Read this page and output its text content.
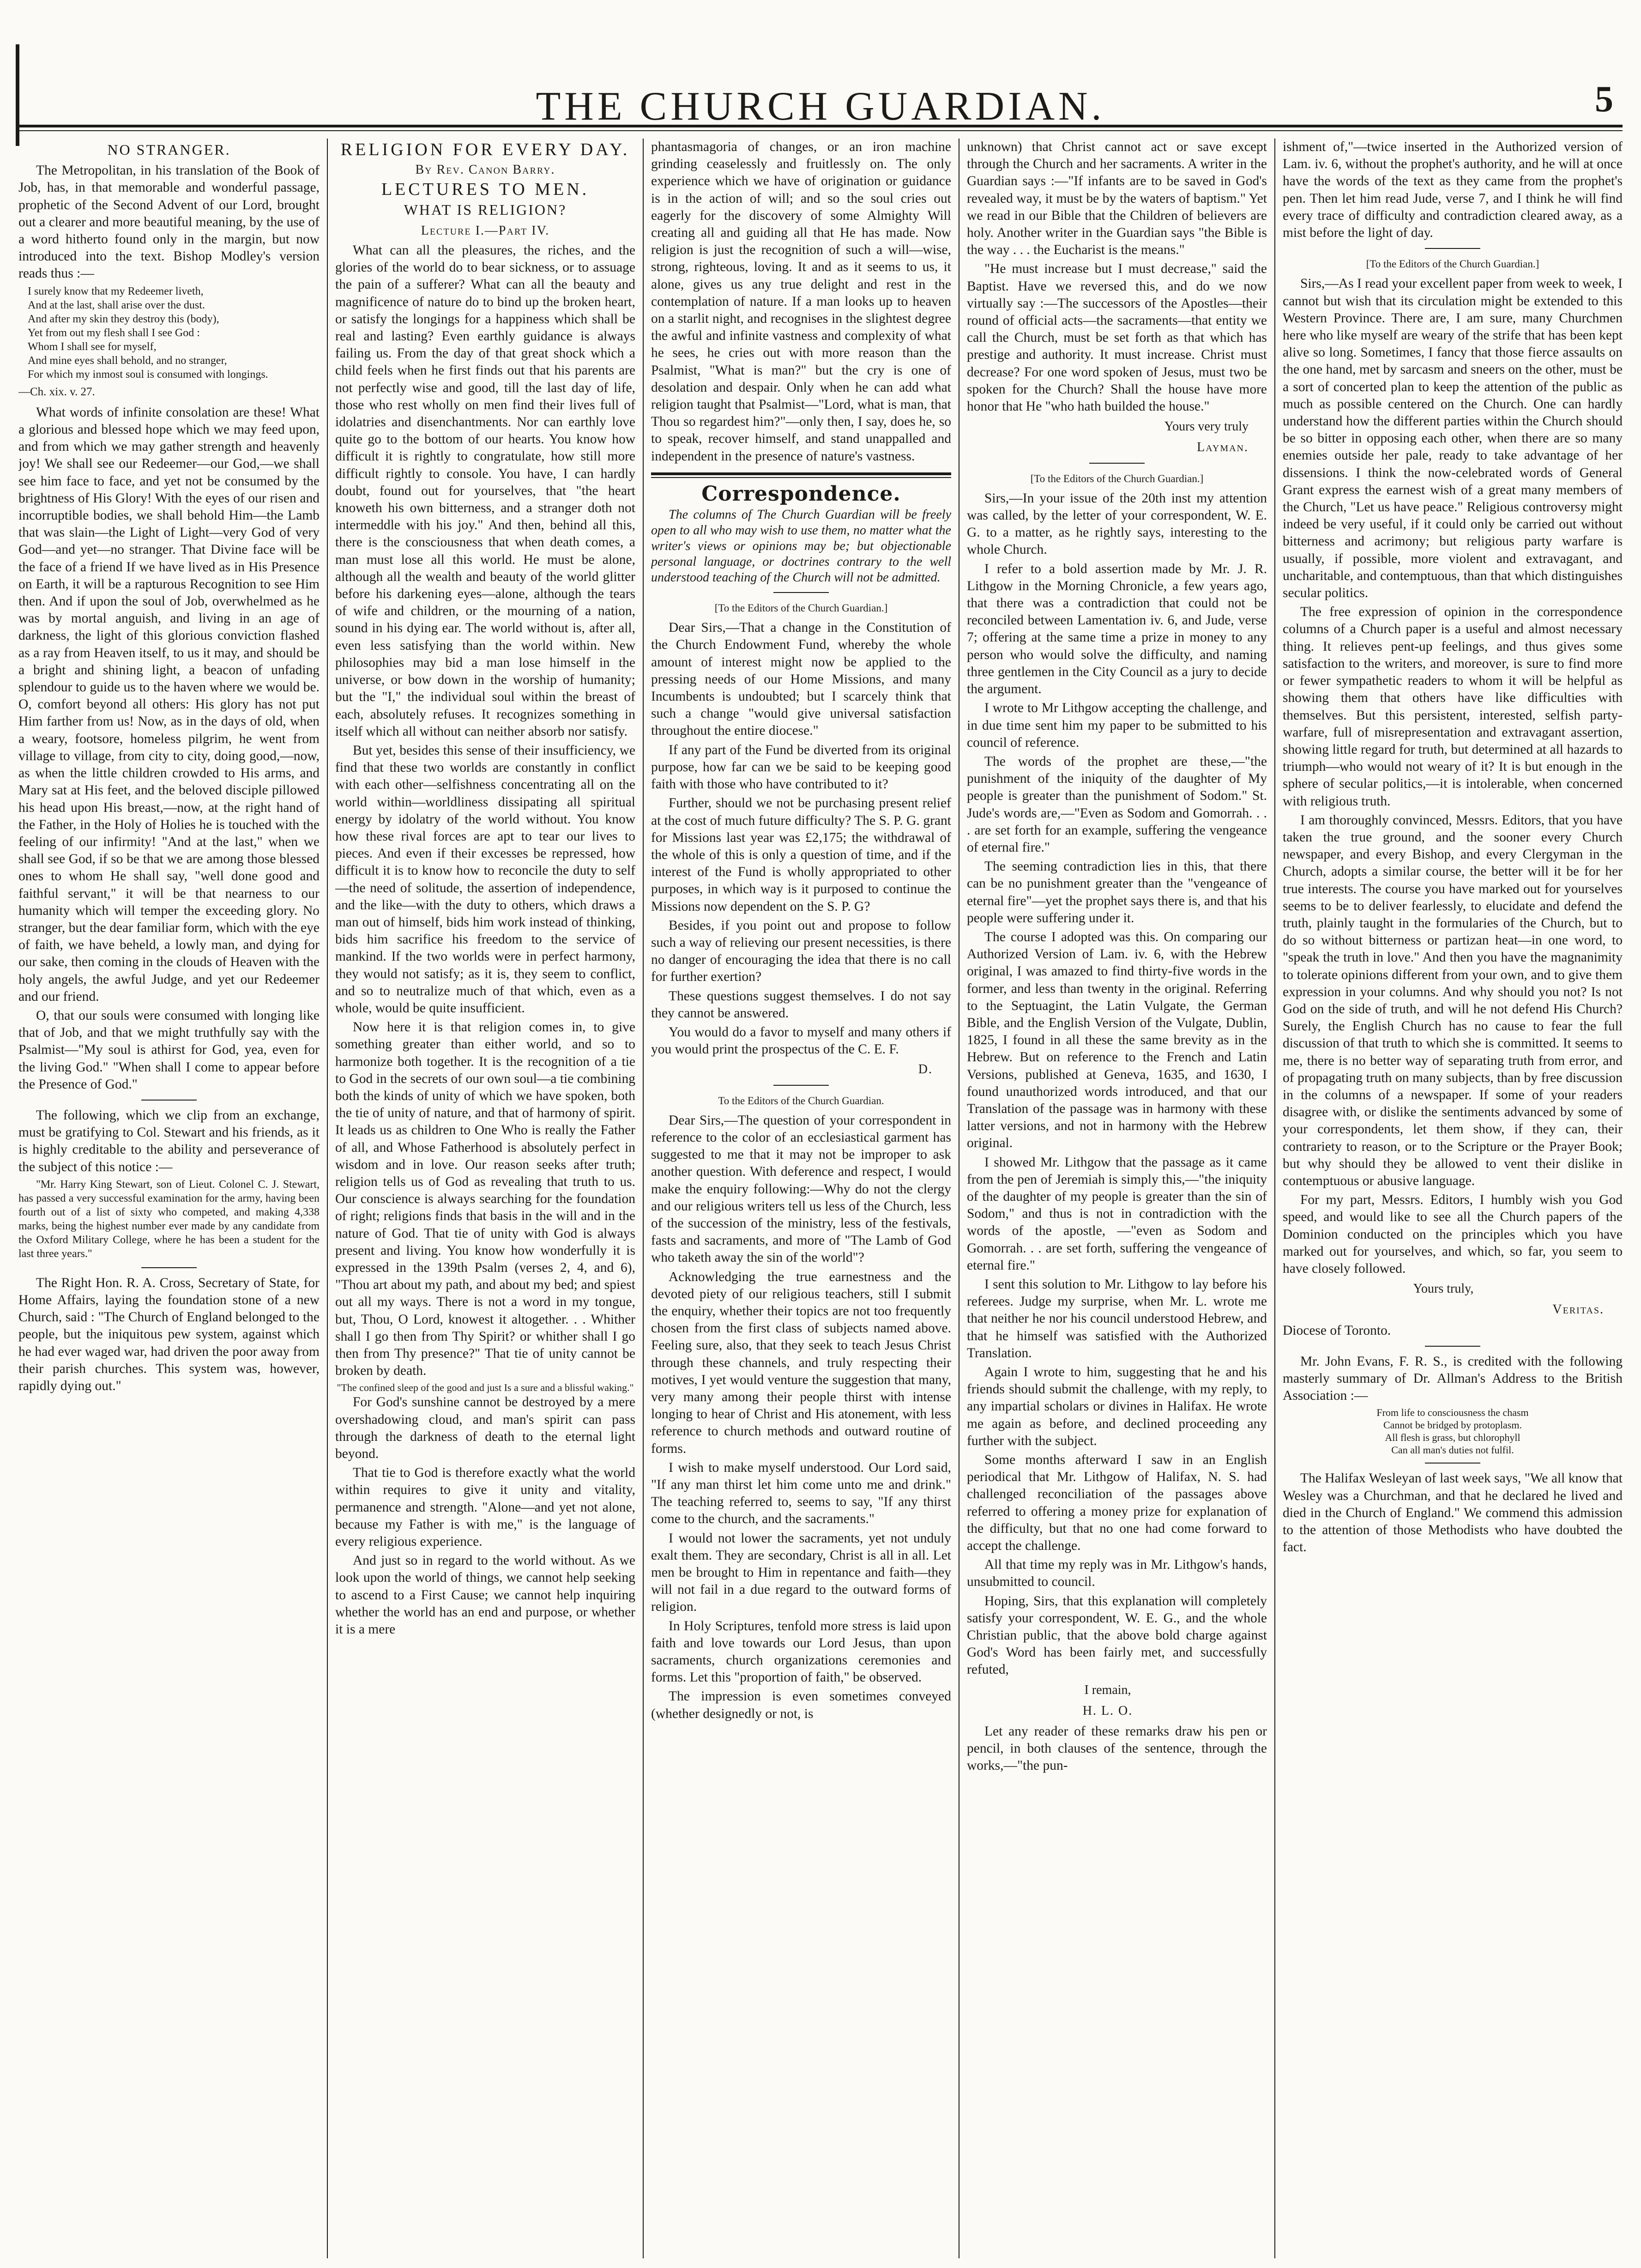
THE CHURCH GUARDIAN.	5
NO STRANGER.

The Metropolitan, in his translation of the Book of Job, has, in that memorable and wonderful passage, prophetic of the Second Advent of our Lord, brought out a clearer and more beautiful meaning, by the use of a word hitherto found only in the margin, but now introduced into the text. Bishop Modley's version reads thus :—

I surely know that my Redeemer liveth,
And at the last, shall arise over the dust.
And after my skin they destroy this (body),
Yet from out my flesh shall I see God :
Whom I shall see for myself,
And mine eyes shall behold, and no stranger,
For which my inmost soul is consumed with longings.
—Ch. xix. v. 27.

What words of infinite consolation are these! What a glorious and blessed hope which we may feed upon, and from which we may gather strength and heavenly joy! We shall see our Redeemer—our God,—we shall see him face to face, and yet not be consumed by the brightness of His Glory! With the eyes of our risen and incorruptible bodies, we shall behold Him—the Lamb that was slain—the Light of Light—very God of very God—and yet—no stranger. That Divine face will be the face of a friend If we have lived as in His Presence on Earth, it will be a rapturous Recognition to see Him then. And if upon the soul of Job, overwhelmed as he was by mortal anguish, and living in an age of darkness, the light of this glorious conviction flashed as a ray from Heaven itself, to us it may, and should be a bright and shining light, a beacon of unfading splendour to guide us to the haven where we would be. O, comfort beyond all others: His glory has not put Him farther from us! Now, as in the days of old, when a weary, footsore, homeless pilgrim, he went from village to village, from city to city, doing good,—now, as when the little children crowded to His arms, and Mary sat at His feet, and the beloved disciple pillowed his head upon His breast,—now, at the right hand of the Father, in the Holy of Holies he is touched with the feeling of our infirmity! "And at the last," when we shall see God, if so be that we are among those blessed ones to whom He shall say, "well done good and faithful servant," it will be that nearness to our humanity which will temper the exceeding glory. No stranger, but the dear familiar form, which with the eye of faith, we have beheld, a lowly man, and dying for our sake, then coming in the clouds of Heaven with the holy angels, the awful Judge, and yet our Redeemer and our friend.

O, that our souls were consumed with longing like that of Job, and that we might truthfully say with the Psalmist—"My soul is athirst for God, yea, even for the living God." "When shall I come to appear before the Presence of God."

The following, which we clip from an exchange, must be gratifying to Col. Stewart and his friends, as it is highly creditable to the ability and perseverance of the subject of this notice :—

"Mr. Harry King Stewart, son of Lieut. Colonel C. J. Stewart, has passed a very successful examination for the army, having been fourth out of a list of sixty who competed, and making 4,338 marks, being the highest number ever made by any candidate from the Oxford Military College, where he has been a student for the last three years."

The Right Hon. R. A. Cross, Secretary of State, for Home Affairs, laying the foundation stone of a new Church, said : "The Church of England belonged to the people, but the iniquitous pew system, against which he had ever waged war, had driven the poor away from their parish churches. This system was, however, rapidly dying out."

RELIGION FOR EVERY DAY.
By Rev. Canon Barry.
LECTURES TO MEN.
WHAT IS RELIGION?
Lecture I.—Part IV.

What can all the pleasures, the riches, and the glories of the world do to bear sickness, or to assuage the pain of a sufferer? What can all the beauty and magnificence of nature do to bind up the broken heart, or satisfy the longings for a happiness which shall be real and lasting? Even earthly guidance is always failing us. From the day of that great shock which a child feels when he first finds out that his parents are not perfectly wise and good, till the last day of life, those who rest wholly on men find their lives full of idolatries and disenchantments. Nor can earthly love quite go to the bottom of our hearts. You know how difficult it is rightly to congratulate, how still more difficult rightly to console. You have, I can hardly doubt, found out for yourselves, that "the heart knoweth his own bitterness, and a stranger doth not intermeddle with his joy." And then, behind all this, there is the consciousness that when death comes, a man must lose all this world. He must be alone, although all the wealth and beauty of the world glitter before his darkening eyes—alone, although the tears of wife and children, or the mourning of a nation, sound in his dying ear. The world without is, after all, even less satisfying than the world within. New philosophies may bid a man lose himself in the universe, or bow down in the worship of humanity; but the "I," the individual soul within the breast of each, absolutely refuses. It recognizes something in itself which all without can neither absorb nor satisfy.

But yet, besides this sense of their insufficiency, we find that these two worlds are constantly in conflict with each other—selfishness concentrating all on the world within—worldliness dissipating all spiritual energy by idolatry of the world without. You know how these rival forces are apt to tear our lives to pieces. And even if their excesses be repressed, how difficult it is to know how to reconcile the duty to self—the need of solitude, the assertion of independence, and the like—with the duty to others, which draws a man out of himself, bids him work instead of thinking, bids him sacrifice his freedom to the service of mankind. If the two worlds were in perfect harmony, they would not satisfy; as it is, they seem to conflict, and so to neutralize much of that which, even as a whole, would be quite insufficient.

Now here it is that religion comes in, to give something greater than either world, and so to harmonize both together. It is the recognition of a tie to God in the secrets of our own soul—a tie combining both the kinds of unity of which we have spoken, both the tie of unity of nature, and that of harmony of spirit. It leads us as children to One Who is really the Father of all, and Whose Fatherhood is absolutely perfect in wisdom and in love. Our reason seeks after truth; religion tells us of God as revealing that truth to us. Our conscience is always searching for the foundation of right; religions finds that basis in the will and in the nature of God. That tie of unity with God is always present and living. You know how wonderfully it is expressed in the 139th Psalm (verses 2, 4, and 6), "Thou art about my path, and about my bed; and spiest out all my ways. There is not a word in my tongue, but, Thou, O Lord, knowest it altogether. . . Whither shall I go then from Thy Spirit? or whither shall I go then from Thy presence?" That tie of unity cannot be broken by death.

"The confined sleep of the good and just Is a sure and a blissful waking."

For God's sunshine cannot be destroyed by a mere overshadowing cloud, and man's spirit can pass through the darkness of death to the eternal light beyond.

That tie to God is therefore exactly what the world within requires to give it unity and vitality, permanence and strength. "Alone—and yet not alone, because my Father is with me," is the language of every religious experience.

And just so in regard to the world without. As we look upon the world of things, we cannot help seeking to ascend to a First Cause; we cannot help inquiring whether the world has an end and purpose, or whether it is a mere

phantasmagoria of changes, or an iron machine grinding ceaselessly and fruitlessly on. The only experience which we have of origination or guidance is in the action of will; and so the soul cries out eagerly for the discovery of some Almighty Will creating all and guiding all that He has made. Now religion is just the recognition of such a will—wise, strong, righteous, loving. It and as it seems to us, it alone, gives us any true delight and rest in the contemplation of nature. If a man looks up to heaven on a starlit night, and recognises in the slightest degree the awful and infinite vastness and complexity of what he sees, he cries out with more reason than the Psalmist, "What is man?" but the cry is one of desolation and despair. Only when he can add what religion taught that Psalmist—"Lord, what is man, that Thou so regardest him?"—only then, I say, does he, so to speak, recover himself, and stand unappalled and independent in the presence of nature's vastness.

Correspondence.

The columns of The Church Guardian will be freely open to all who may wish to use them, no matter what the writer's views or opinions may be; but objectionable personal language, or doctrines contrary to the well understood teaching of the Church will not be admitted.

[To the Editors of the Church Guardian.]

Dear Sirs,—That a change in the Constitution of the Church Endowment Fund, whereby the whole amount of interest might now be applied to the pressing needs of our Home Missions, and many Incumbents is undoubted; but I scarcely think that such a change "would give universal satisfaction throughout the entire diocese."

If any part of the Fund be diverted from its original purpose, how far can we be said to be keeping good faith with those who have contributed to it?

Further, should we not be purchasing present relief at the cost of much future difficulty? The S. P. G. grant for Missions last year was £2,175; the withdrawal of the whole of this is only a question of time, and if the interest of the Fund is wholly appropriated to other purposes, in which way is it purposed to continue the Missions now dependent on the S. P. G?

Besides, if you point out and propose to follow such a way of relieving our present necessities, is there no danger of encouraging the idea that there is no call for further exertion?

These questions suggest themselves. I do not say they cannot be answered.

You would do a favor to myself and many others if you would print the prospectus of the C. E. F.

D.
To the Editors of the Church Guardian.

Dear Sirs,—The question of your correspondent in reference to the color of an ecclesiastical garment has suggested to me that it may not be improper to ask another question. With deference and respect, I would make the enquiry following:—Why do not the clergy and our religious writers tell us less of the Church, less of the succession of the ministry, less of the festivals, fasts and sacraments, and more of "The Lamb of God who taketh away the sin of the world"?

Acknowledging the true earnestness and the devoted piety of our religious teachers, still I submit the enquiry, whether their topics are not too frequently chosen from the first class of subjects named above. Feeling sure, also, that they seek to teach Jesus Christ through these channels, and truly respecting their motives, I yet would venture the suggestion that many, very many among their people thirst with intense longing to hear of Christ and His atonement, with less reference to church methods and outward routine of forms.

I wish to make myself understood. Our Lord said, "If any man thirst let him come unto me and drink." The teaching referred to, seems to say, "If any thirst come to the church, and the sacraments."

I would not lower the sacraments, yet not unduly exalt them. They are secondary, Christ is all in all. Let men be brought to Him in repentance and faith—they will not fail in a due regard to the outward forms of religion.

In Holy Scriptures, tenfold more stress is laid upon faith and love towards our Lord Jesus, than upon sacraments, church organizations ceremonies and forms. Let this "proportion of faith," be observed.

The impression is even sometimes conveyed (whether designedly or not, is

unknown) that Christ cannot act or save except through the Church and her sacraments. A writer in the Guardian says :—"If infants are to be saved in God's revealed way, it must be by the waters of baptism." Yet we read in our Bible that the Children of believers are holy. Another writer in the Guardian says "the Bible is the way . . . the Eucharist is the means."

"He must increase but I must decrease," said the Baptist. Have we reversed this, and do we now virtually say :—The successors of the Apostles—their round of official acts—the sacraments—that entity we call the Church, must be set forth as that which has prestige and authority. It must increase. Christ must decrease? For one word spoken of Jesus, must two be spoken for the Church? Shall the house have more honor that He "who hath builded the house."

Yours very truly
Layman.
[To the Editors of the Church Guardian.]

Sirs,—In your issue of the 20th inst my attention was called, by the letter of your correspondent, W. E. G. to a matter, as he rightly says, interesting to the whole Church.

I refer to a bold assertion made by Mr. J. R. Lithgow in the Morning Chronicle, a few years ago, that there was a contradiction that could not be reconciled between Lamentation iv. 6, and Jude, verse 7; offering at the same time a prize in money to any person who would solve the difficulty, and naming three gentlemen in the City Council as a jury to decide the argument.

I wrote to Mr Lithgow accepting the challenge, and in due time sent him my paper to be submitted to his council of reference.

The words of the prophet are these,—"the punishment of the iniquity of the daughter of My people is greater than the punishment of Sodom." St. Jude's words are,—"Even as Sodom and Gomorrah. . . . are set forth for an example, suffering the vengeance of eternal fire."

The seeming contradiction lies in this, that there can be no punishment greater than the "vengeance of eternal fire"—yet the prophet says there is, and that his people were suffering under it.

The course I adopted was this. On comparing our Authorized Version of Lam. iv. 6, with the Hebrew original, I was amazed to find thirty-five words in the former, and less than twenty in the original. Referring to the Septuagint, the Latin Vulgate, the German Bible, and the English Version of the Vulgate, Dublin, 1825, I found in all these the same brevity as in the Hebrew. But on reference to the French and Latin Versions, published at Geneva, 1635, and 1630, I found unauthorized words introduced, and that our Translation of the passage was in harmony with these latter versions, and not in harmony with the Hebrew original.

I showed Mr. Lithgow that the passage as it came from the pen of Jeremiah is simply this,—"the iniquity of the daughter of my people is greater than the sin of Sodom," and thus is not in contradiction with the words of the apostle, —"even as Sodom and Gomorrah. . . are set forth, suffering the vengeance of eternal fire."

I sent this solution to Mr. Lithgow to lay before his referees. Judge my surprise, when Mr. L. wrote me that neither he nor his council understood Hebrew, and that he himself was satisfied with the Authorized Translation.

Again I wrote to him, suggesting that he and his friends should submit the challenge, with my reply, to any impartial scholars or divines in Halifax. He wrote me again as before, and declined proceeding any further with the subject.

Some months afterward I saw in an English periodical that Mr. Lithgow of Halifax, N. S. had challenged reconciliation of the passages above referred to offering a money prize for explanation of the difficulty, but that no one had come forward to accept the challenge.

All that time my reply was in Mr. Lithgow's hands, unsubmitted to council.

Hoping, Sirs, that this explanation will completely satisfy your correspondent, W. E. G., and the whole Christian public, that the above bold charge against God's Word has been fairly met, and successfully refuted,

I remain,
H. L. O.

Let any reader of these remarks draw his pen or pencil, in both clauses of the sentence, through the works,—"the pun-

ishment of,"—twice inserted in the Authorized version of Lam. iv. 6, without the prophet's authority, and he will at once have the words of the text as they came from the prophet's pen. Then let him read Jude, verse 7, and I think he will find every trace of difficulty and contradiction cleared away, as a mist before the light of day.

[To the Editors of the Church Guardian.]

Sirs,—As I read your excellent paper from week to week, I cannot but wish that its circulation might be extended to this Western Province. There are, I am sure, many Churchmen here who like myself are weary of the strife that has been kept alive so long. Sometimes, I fancy that those fierce assaults on the one hand, met by sarcasm and sneers on the other, must be a sort of concerted plan to keep the attention of the public as much as possible centered on the Church. One can hardly understand how the different parties within the Church should be so bitter in opposing each other, when there are so many enemies outside her pale, ready to take advantage of her dissensions. I think the now-celebrated words of General Grant express the earnest wish of a great many members of the Church, "Let us have peace." Religious controversy might indeed be very useful, if it could only be carried out without bitterness and acrimony; but religious party warfare is usually, if possible, more violent and extravagant, and uncharitable, and contemptuous, than that which distinguishes secular politics.

The free expression of opinion in the correspondence columns of a Church paper is a useful and almost necessary thing. It relieves pent-up feelings, and thus gives some satisfaction to the writers, and moreover, is sure to find more or fewer sympathetic readers to whom it will be helpful as showing them that others have like difficulties with themselves. But this persistent, interested, selfish party-warfare, full of misrepresentation and extravagant assertion, showing little regard for truth, but determined at all hazards to triumph—who would not weary of it? It is but enough in the sphere of secular politics,—it is intolerable, when concerned with religious truth.

I am thoroughly convinced, Messrs. Editors, that you have taken the true ground, and the sooner every Church newspaper, and every Bishop, and every Clergyman in the Church, adopts a similar course, the better will it be for her true interests. The course you have marked out for yourselves seems to be to deliver fearlessly, to elucidate and defend the truth, plainly taught in the formularies of the Church, but to do so without bitterness or partizan heat—in one word, to "speak the truth in love." And then you have the magnanimity to tolerate opinions different from your own, and to give them expression in your columns. And why should you not? Is not God on the side of truth, and will he not defend His Church? Surely, the English Church has no cause to fear the full discussion of that truth to which she is committed. It seems to me, there is no better way of separating truth from error, and of propagating truth on many subjects, than by free discussion in the columns of a newspaper. If some of your readers disagree with, or dislike the sentiments advanced by some of your correspondents, let them show, if they can, their contrariety to reason, or to the Scripture or the Prayer Book; but why should they be allowed to vent their dislike in contemptuous or abusive language.

For my part, Messrs. Editors, I humbly wish you God speed, and would like to see all the Church papers of the Dominion conducted on the principles which you have marked out for yourselves, and which, so far, you seem to have closely followed.

Yours truly,
Veritas.

Diocese of Toronto.

Mr. John Evans, F. R. S., is credited with the following masterly summary of Dr. Allman's Address to the British Association :—

From life to consciousness the chasm
Cannot be bridged by protoplasm.
All flesh is grass, but chlorophyll
Can all man's duties not fulfil.

The Halifax Wesleyan of last week says, "We all know that Wesley was a Churchman, and that he declared he lived and died in the Church of England." We commend this admission to the attention of those Methodists who have doubted the fact.
